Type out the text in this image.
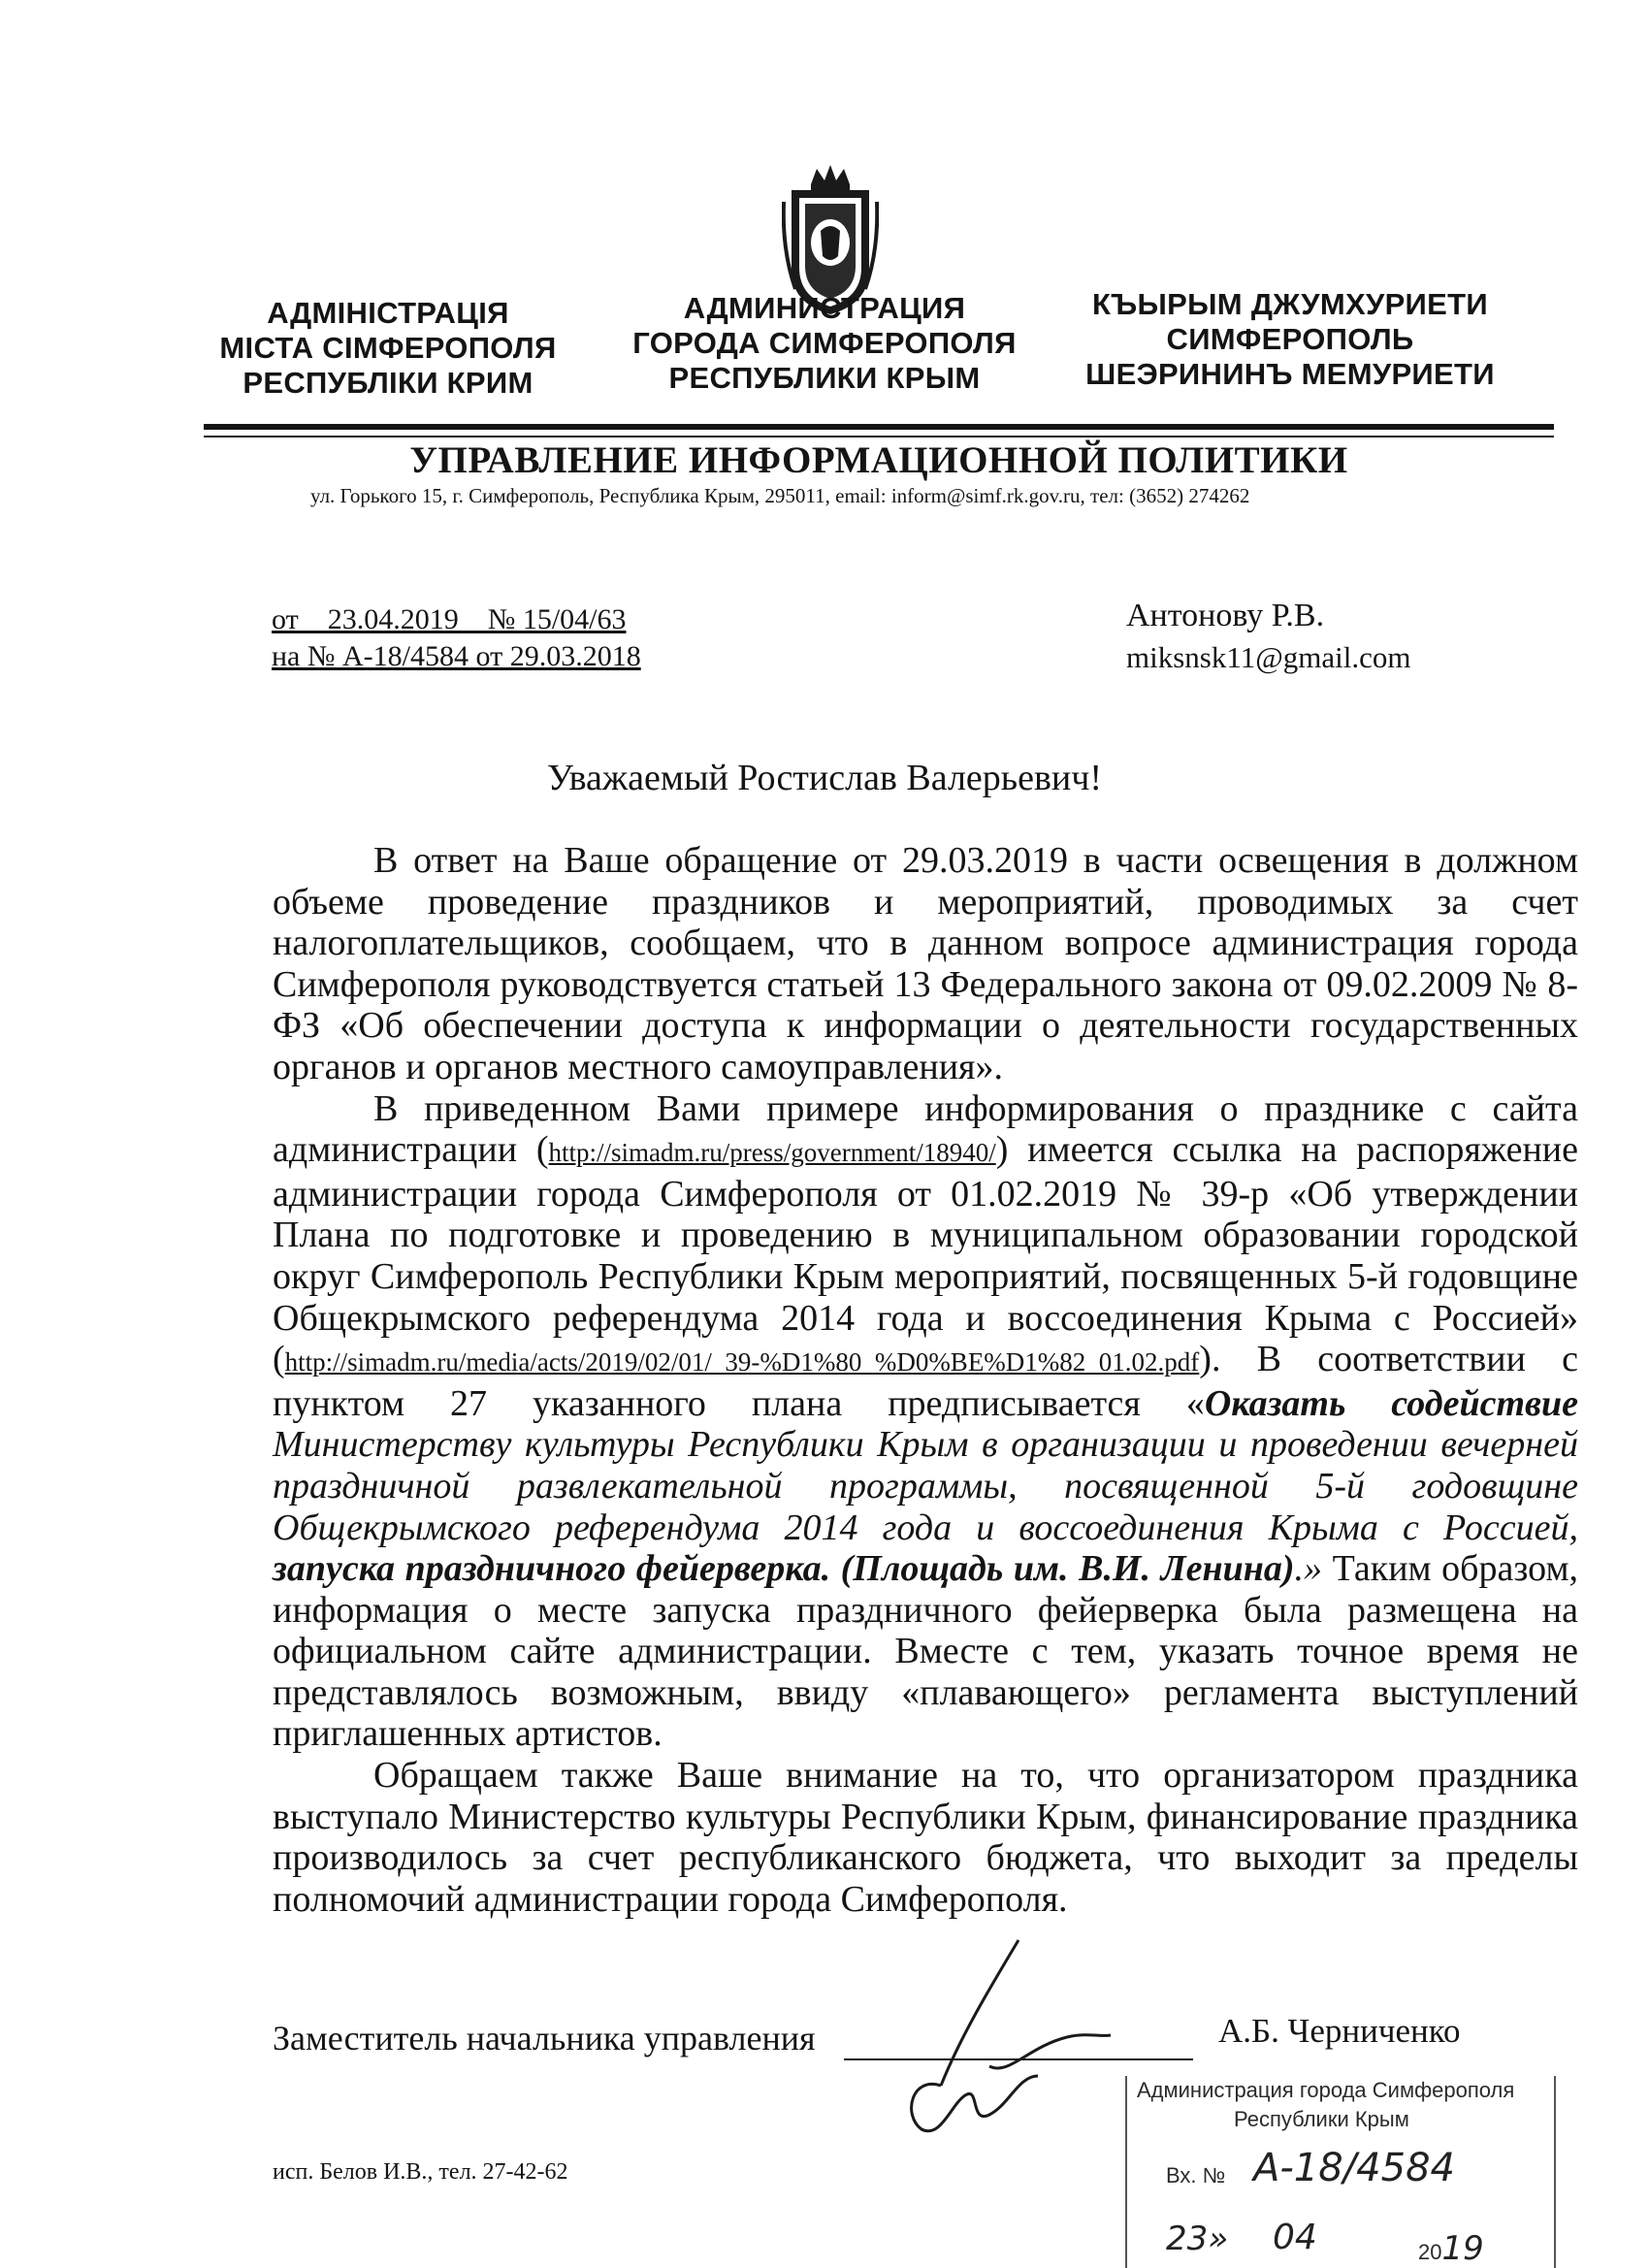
АДМІНІСТРАЦІЯ
МІСТА СІМФЕРОПОЛЯ
РЕСПУБЛІКИ КРИМ
АДМИНИСТРАЦИЯ
ГОРОДА СИМФЕРОПОЛЯ
РЕСПУБЛИКИ КРЫМ
КЪЫРЫМ ДЖУМХУРИЕТИ
СИМФЕРОПОЛЬ
ШЕЭРИНИНЪ МЕМУРИЕТИ
УПРАВЛЕНИЕ ИНФОРМАЦИОННОЙ ПОЛИТИКИ
ул. Горького 15, г. Симферополь, Республика Крым, 295011, email: inform@simf.rk.gov.ru, тел: (3652) 274262
от    23.04.2019    № 15/04/63
на № А-18/4584 от 29.03.2018
Антонову Р.В.
miksnsk11@gmail.com
Уважаемый Ростислав Валерьевич!

В ответ на Ваше обращение от 29.03.2019 в части освещения в должном объеме проведение праздников и мероприятий, проводимых за счет налогоплательщиков, сообщаем, что в данном вопросе администрация города Симферополя руководствуется статьей 13 Федерального закона от 09.02.2009 № 8-ФЗ «Об обеспечении доступа к информации о деятельности государственных органов и органов местного самоуправления».

В приведенном Вами примере информирования о празднике с сайта администрации (http://simadm.ru/press/government/18940/) имеется ссылка на распоряжение администрации города Симферополя от 01.02.2019 № 39-р «Об утверждении Плана по подготовке и проведению в муниципальном образовании городской округ Симферополь Республики Крым мероприятий, посвященных 5-й годовщине Общекрымского референдума 2014 года и воссоединения Крыма с Россией» (http://simadm.ru/media/acts/2019/02/01/_39-%D1%80_%D0%BE%D1%82_01.02.pdf). В соответствии с пунктом 27 указанного плана предписывается «Оказать содействие Министерству культуры Республики Крым в организации и проведении вечерней праздничной развлекательной программы, посвященной 5-й годовщине Общекрымского референдума 2014 года и воссоединения Крыма с Россией, запуска праздничного фейерверка. (Площадь им. В.И. Ленина).» Таким образом, информация о месте запуска праздничного фейерверка была размещена на официальном сайте администрации. Вместе с тем, указать точное время не представлялось возможным, ввиду «плавающего» регламента выступлений приглашенных артистов.

Обращаем также Ваше внимание на то, что организатором праздника выступало Министерство культуры Республики Крым, финансирование праздника производилось за счет республиканского бюджета, что выходит за пределы полномочий администрации города Симферополя.

Заместитель начальника управления	А.Б. Черниченко
исп. Белов И.В., тел. 27-42-62
Администрация города Симферополя
Республики Крым
Вх. № А-18/4584
23» 04	2019
